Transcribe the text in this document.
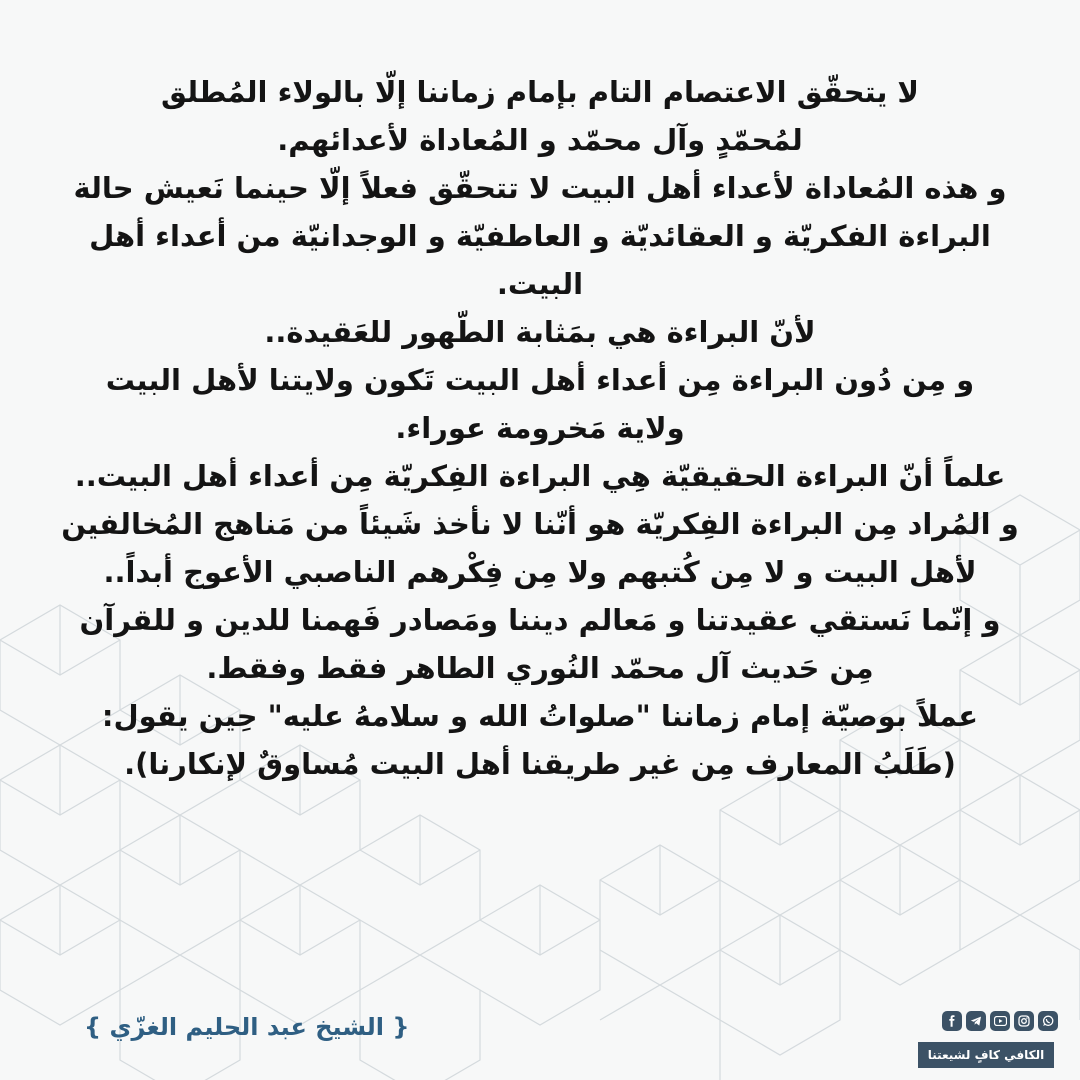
لا يتحقّق الاعتصام التام بإمام زماننا إلّا بالولاء المُطلق
لمُحمّدٍ وآل محمّد و المُعاداة لأعدائهم.
و هذه المُعاداة لأعداء أهل البيت لا تتحقّق فعلاً إلّا حينما نَعيش حالة
البراءة الفكريّة و العقائديّة و العاطفيّة و الوجدانيّة من أعداء أهل
البيت.
لأنّ البراءة هي بمَثابة الطّهور للعَقيدة..
و مِن دُون البراءة مِن أعداء أهل البيت تَكون ولايتنا لأهل البيت
ولاية مَخرومة عوراء.
علماً أنّ البراءة الحقيقيّة هِي البراءة الفِكريّة مِن أعداء أهل البيت..
و المُراد مِن البراءة الفِكريّة هو أنّنا لا نأخذ شَيئاً من مَناهج المُخالفين
لأهل البيت و لا مِن كُتبهم ولا مِن فِكْرهم الناصبي الأعوج أبداً..
و إنّما نَستقي عقيدتنا و مَعالم ديننا ومَصادر فَهمنا للدين و للقرآن
مِن حَديث آل محمّد النُوري الطاهر فقط وفقط.
عملاً بوصيّة إمام زماننا "صلواتُ الله و سلامهُ عليه" حِين يقول:
(طَلَبُ المعارف مِن غير طريقنا أهل البيت مُساوقٌ لإنكارنا).
{ الشيخ عبد الحليم الغزّي }
الكافي كافٍ لشيعتنا
